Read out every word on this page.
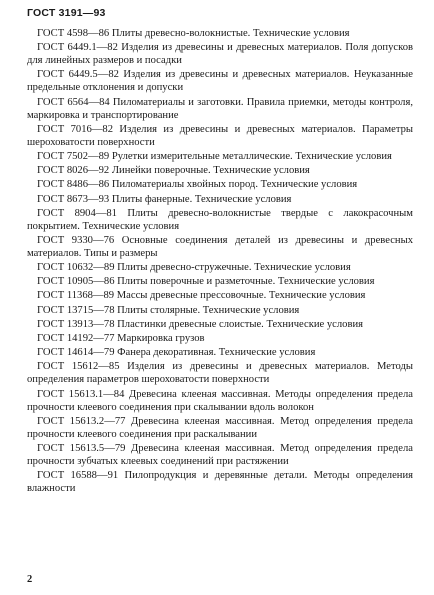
ГОСТ 3191—93

ГОСТ 4598—86 Плиты древесно-волокнистые. Технические условия

ГОСТ 6449.1—82 Изделия из древесины и древесных материалов. Поля допусков для линейных размеров и посадки

ГОСТ 6449.5—82 Изделия из древесины и древесных материалов. Неуказанные предельные отклонения и допуски

ГОСТ 6564—84 Пиломатериалы и заготовки. Правила приемки, методы контроля, маркировка и транспортирование

ГОСТ 7016—82 Изделия из древесины и древесных материалов. Параметры шероховатости поверхности

ГОСТ 7502—89 Рулетки измерительные металлические. Технические условия

ГОСТ 8026—92 Линейки поверочные. Технические условия

ГОСТ 8486—86 Пиломатериалы хвойных пород. Технические условия

ГОСТ 8673—93 Плиты фанерные. Технические условия

ГОСТ 8904—81 Плиты древесно-волокнистые твердые с лакокрасочным покрытием. Технические условия

ГОСТ 9330—76 Основные соединения деталей из древесины и древесных материалов. Типы и размеры

ГОСТ 10632—89 Плиты древесно-стружечные. Технические условия

ГОСТ 10905—86 Плиты поверочные и разметочные. Технические условия

ГОСТ 11368—89 Массы древесные прессовочные. Технические условия

ГОСТ 13715—78 Плиты столярные. Технические условия

ГОСТ 13913—78 Пластинки древесные слоистые. Технические условия

ГОСТ 14192—77 Маркировка грузов

ГОСТ 14614—79 Фанера декоративная. Технические условия

ГОСТ 15612—85 Изделия из древесины и древесных материалов. Методы определения параметров шероховатости поверхности

ГОСТ 15613.1—84 Древесина клееная массивная. Методы определения предела прочности клеевого соединения при скалывании вдоль волокон

ГОСТ 15613.2—77 Древесина клееная массивная. Метод определения предела прочности клеевого соединения при раскалывании

ГОСТ 15613.5—79 Древесина клееная массивная. Метод определения предела прочности зубчатых клеевых соединений при растяжении

ГОСТ 16588—91 Пилопродукция и деревянные детали. Методы определения влажности

2
